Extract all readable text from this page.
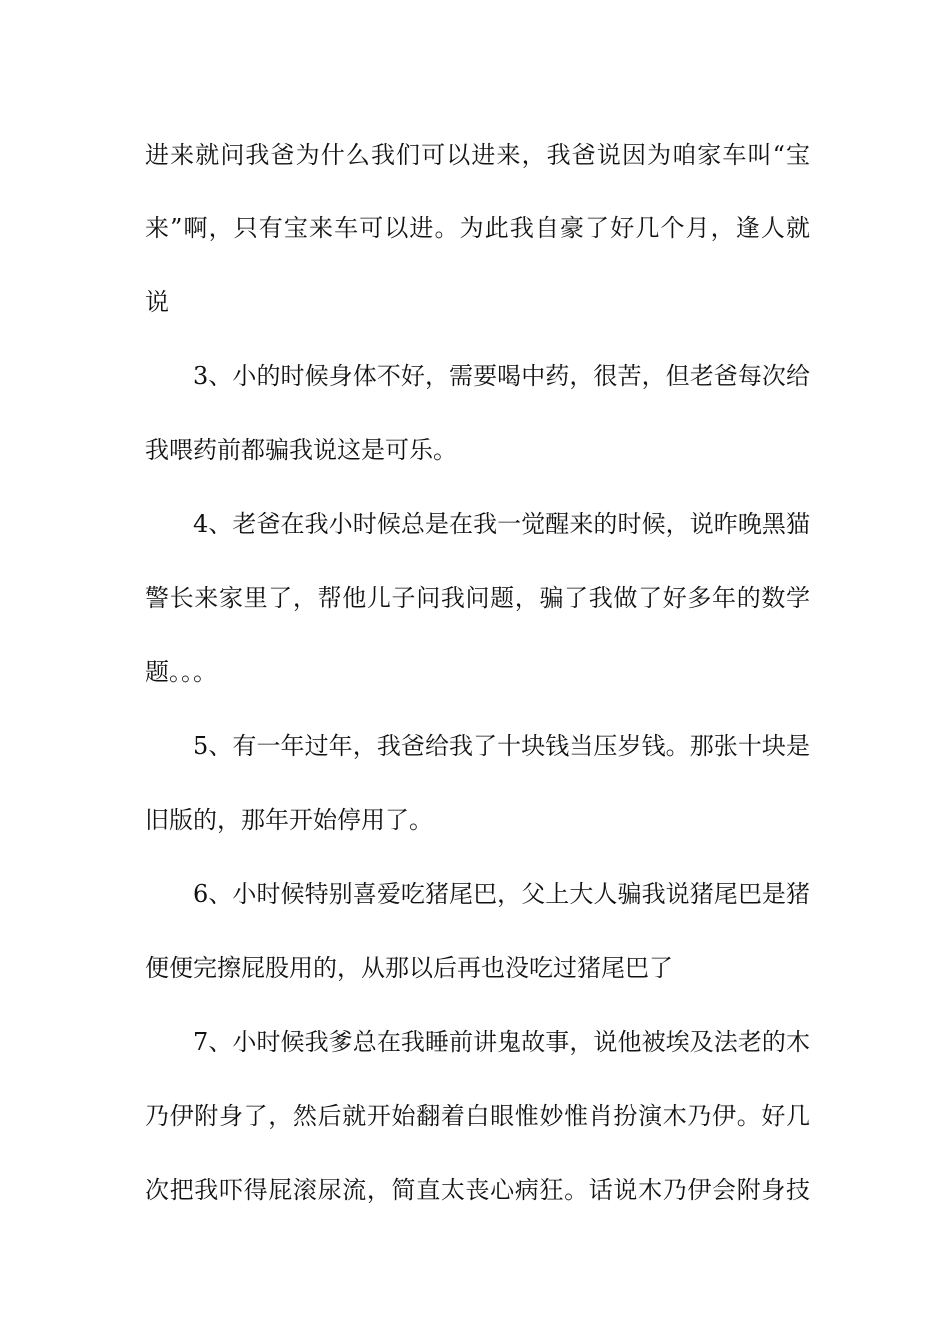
进来就问我爸为什么我们可以进来，我爸说因为咱家车叫“宝
来”啊，只有宝来车可以进。为此我自豪了好几个月，逢人就
说
3、小的时候身体不好，需要喝中药，很苦，但老爸每次给
我喂药前都骗我说这是可乐。
4、老爸在我小时候总是在我一觉醒来的时候，说昨晚黑猫
警长来家里了，帮他儿子问我问题，骗了我做了好多年的数学
题。。。
5、有一年过年，我爸给我了十块钱当压岁钱。那张十块是
旧版的，那年开始停用了。
6、小时候特别喜爱吃猪尾巴，父上大人骗我说猪尾巴是猪
便便完擦屁股用的，从那以后再也没吃过猪尾巴了
7、小时候我爹总在我睡前讲鬼故事，说他被埃及法老的木
乃伊附身了，然后就开始翻着白眼惟妙惟肖扮演木乃伊。好几
次把我吓得屁滚尿流，简直太丧心病狂。话说木乃伊会附身技
